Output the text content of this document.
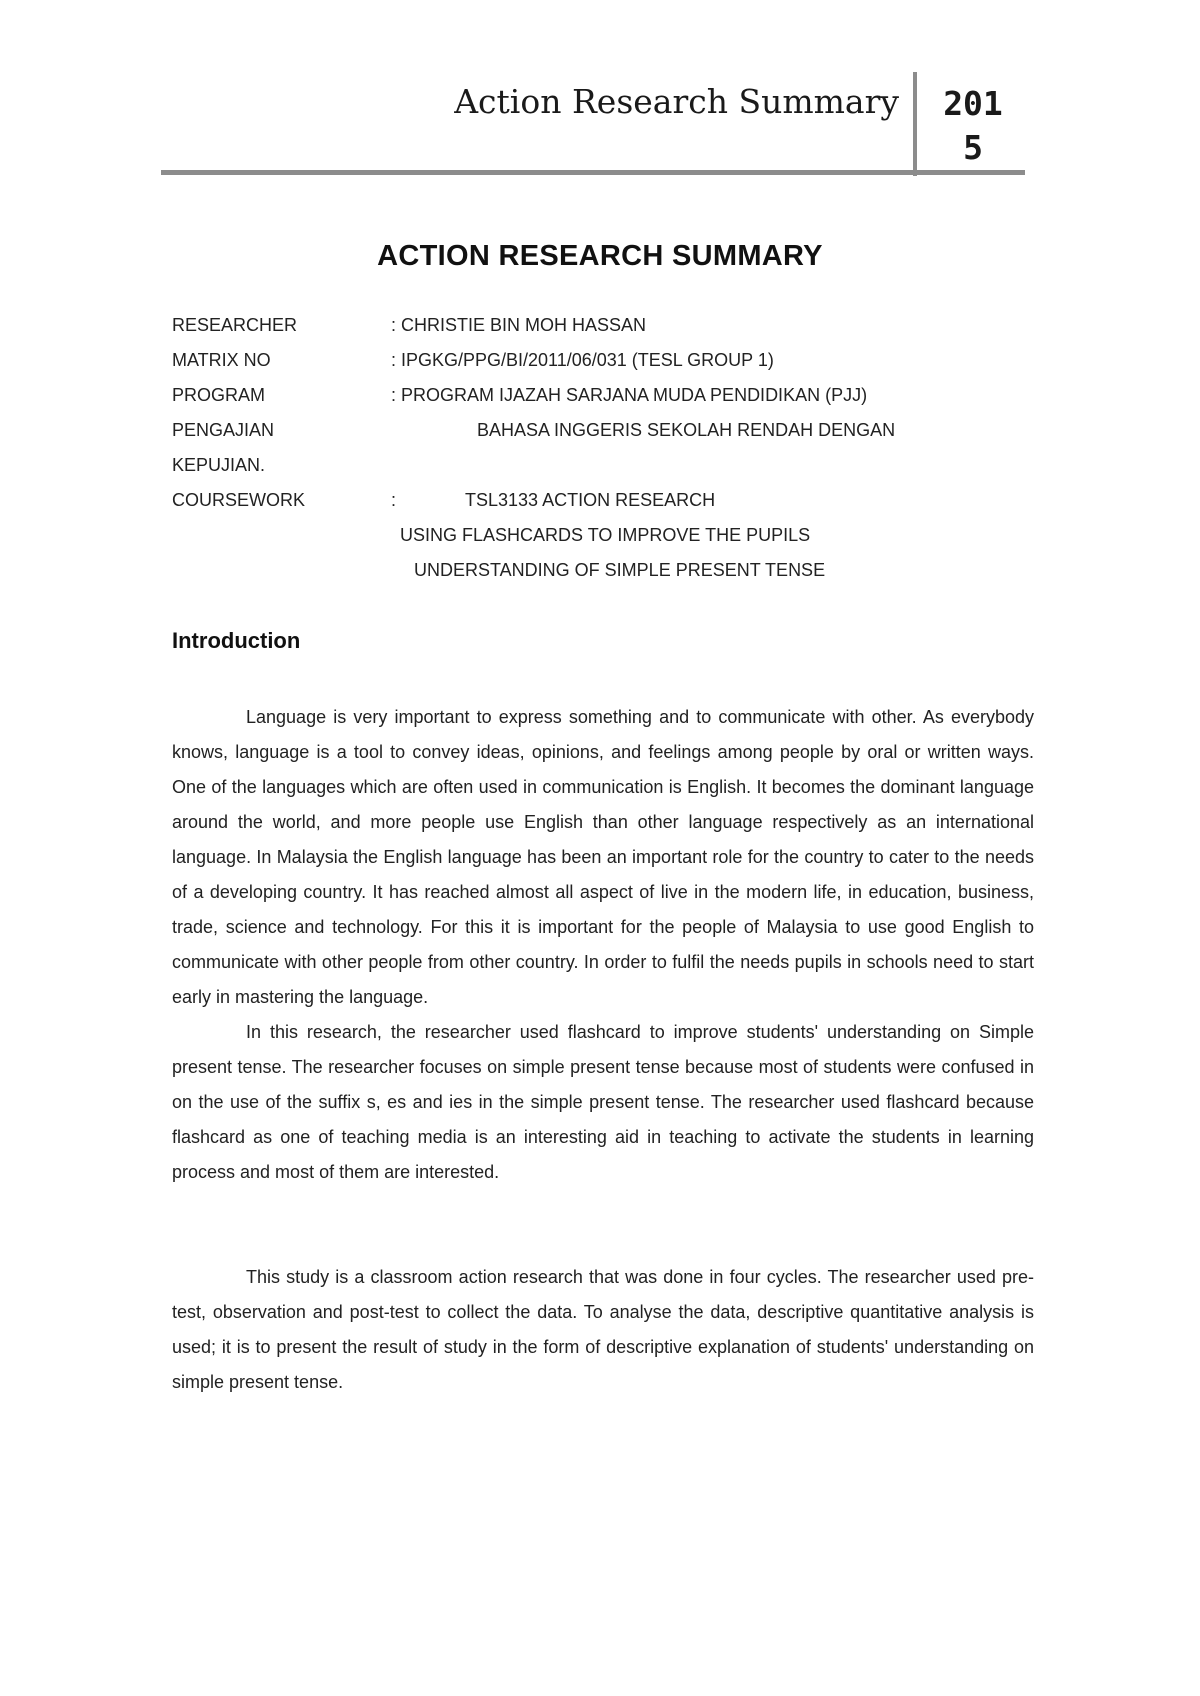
Action Research Summary	201
5
ACTION RESEARCH SUMMARY
RESEARCHER	: CHRISTIE BIN MOH HASSAN
MATRIX NO	: IPGKG/PPG/BI/2011/06/031 (TESL GROUP 1)
PROGRAM	: PROGRAM IJAZAH SARJANA MUDA PENDIDIKAN (PJJ)
PENGAJIAN	BAHASA INGGERIS SEKOLAH RENDAH DENGAN
KEPUJIAN.
COURSEWORK	:	TSL3133 ACTION RESEARCH
USING FLASHCARDS TO IMPROVE THE PUPILS
UNDERSTANDING OF SIMPLE PRESENT TENSE
Introduction

Language is very important to express something and to communicate with other. As everybody knows, language is a tool to convey ideas, opinions, and feelings among people by oral or written ways. One of the languages which are often used in communication is English. It becomes the dominant language around the world, and more people use English than other language respectively as an international language. In Malaysia the English language has been an important role for the country to cater to the needs of a developing country. It has reached almost all aspect of live in the modern life, in education, business, trade, science and technology. For this it is important for the people of Malaysia to use good English to communicate with other people from other country. In order to fulfil the needs pupils in schools need to start early in mastering the language.

In this research, the researcher used flashcard to improve students' understanding on Simple present tense. The researcher focuses on simple present tense because most of students were confused in on the use of the suffix s, es and ies in the simple present tense. The researcher used flashcard because flashcard as one of teaching media is an interesting aid in teaching to activate the students in learning process and most of them are interested.

This study is a classroom action research that was done in four cycles. The researcher used pre-test, observation and post-test to collect the data. To analyse the data, descriptive quantitative analysis is used; it is to present the result of study in the form of descriptive explanation of students' understanding on simple present tense.
